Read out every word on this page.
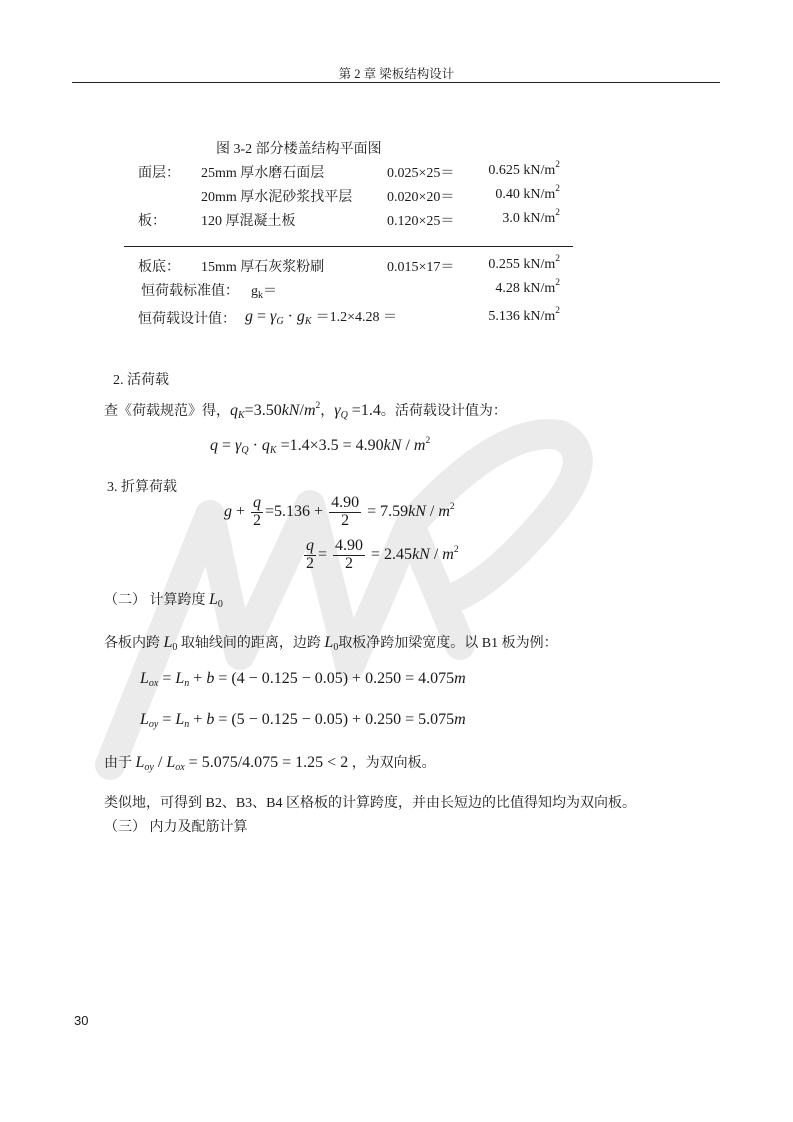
第 2 章 梁板结构设计
图 3-2 部分楼盖结构平面图
面层： 25mm 厚水磨石面层	0.025×25＝	0.625 $kN/m^2$
20mm 厚水泥砂浆找平层 0.020×20＝	0.40 $kN/m^2$
板：	120 厚混凝土板	0.120×25＝	3.0 $kN/m^2$
板底： 15mm 厚石灰浆粉刷	0.015×17＝	0.255 $kN/m^2$
恒荷载标准值： $g_k=$	4.28 $kN/m^2$
恒荷载设计值： $g = \gamma_G \cdot g_K =1.2\times 4.28$ ＝	5.136 $kN/m^2$
2. 活荷载
查《荷载规范》得，$q_K=3.50kN/m^2$，$\gamma_Q =1.4$。活荷载设计值为：
$q = \gamma_Q \cdot q_K =1.4\times 3.5 = 4.90kN / m^2$
3. 折算荷载
$g + \frac{q}{2} =5.136 + \frac{4.90}{2} = 7.59kN / m^2$
$\frac{q}{2} = \frac{4.90}{2} = 2.45kN / m^2$
（二） 计算跨度 $L_0$
各板内跨 $L_0$ 取轴线间的距离，边跨 $L_0$取板净跨加梁宽度。以 B1 板为例：
$L_{ox} = L_n + b = (4 - 0.125 - 0.05) + 0.250 = 4.075m$
$L_{oy} = L_n + b = (5 - 0.125 - 0.05) + 0.250 = 5.075m$
由于 $L_{oy} / L_{ox} = 5.075/4.075 = 1.25 < 2$ ，为双向板。
类似地，可得到 B2、B3、B4 区格板的计算跨度，并由长短边的比值得知均为双向板。
（三） 内力及配筋计算
30
